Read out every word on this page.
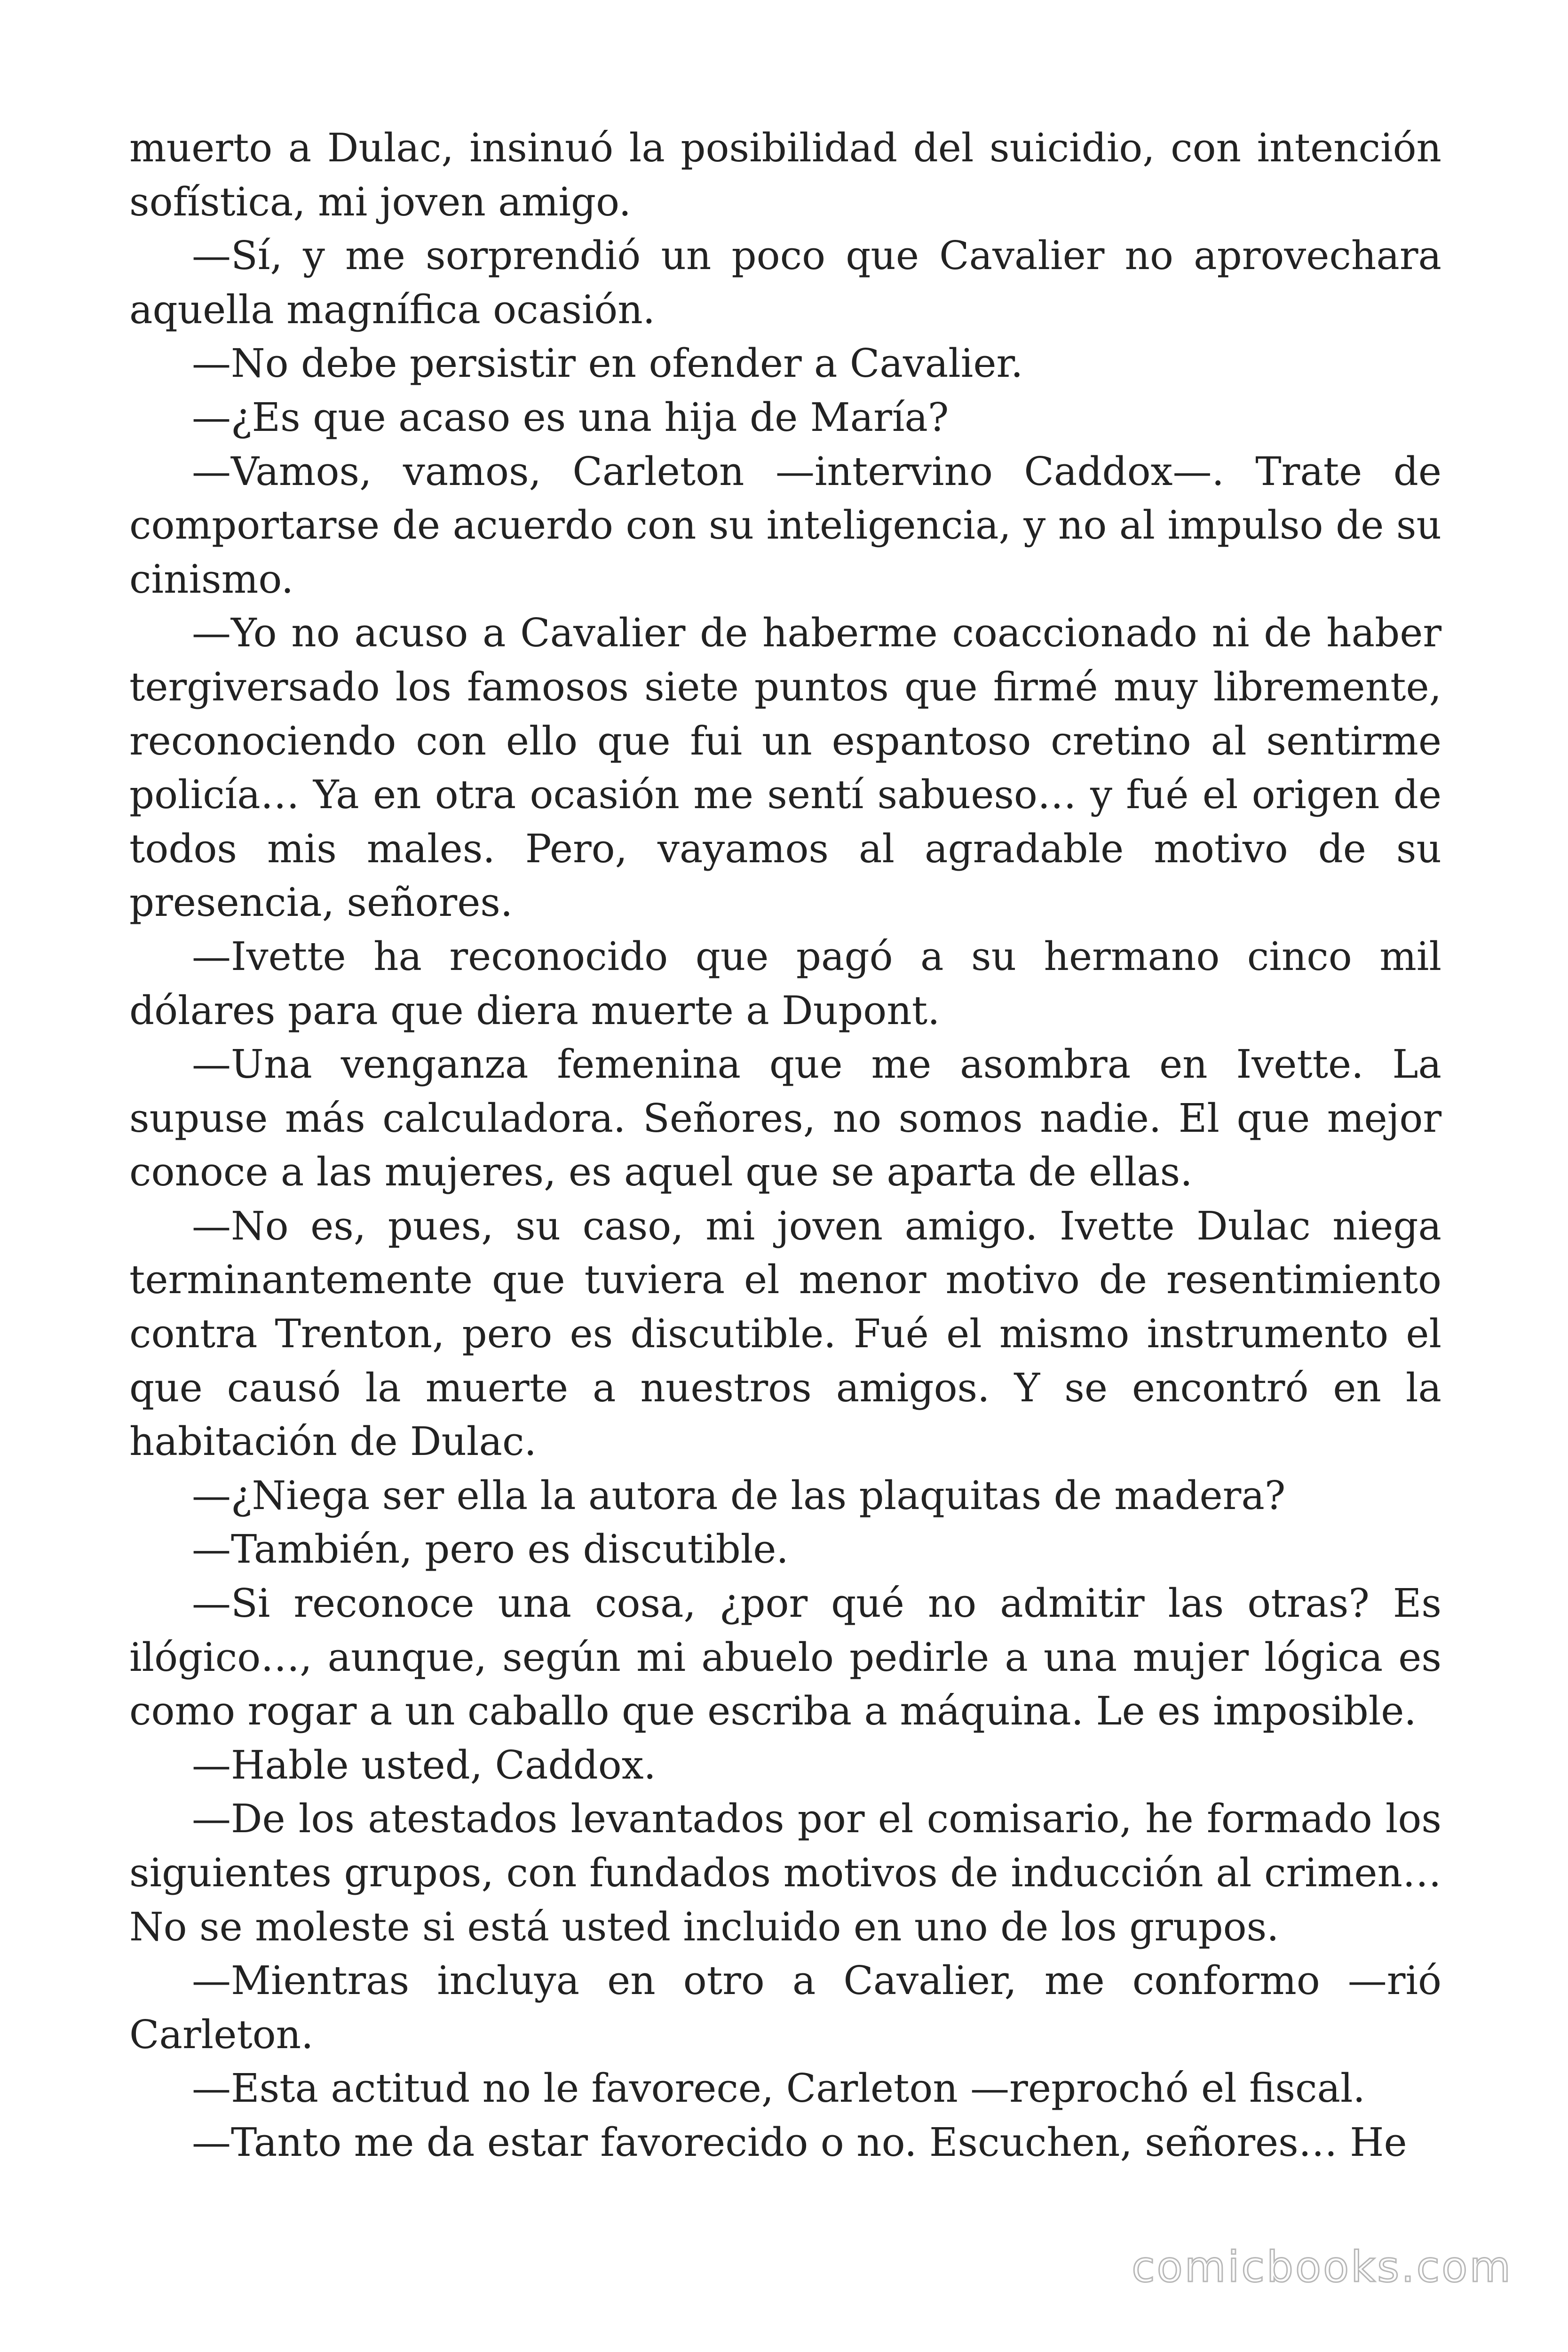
muerto a Dulac, insinuó la posibilidad del suicidio, con intención sofística, mi joven amigo.

—Sí, y me sorprendió un poco que Cavalier no aprovechara aquella magnífica ocasión.

—No debe persistir en ofender a Cavalier.

—¿Es que acaso es una hija de María?

—Vamos, vamos, Carleton —intervino Caddox—. Trate de comportarse de acuerdo con su inteligencia, y no al impulso de su cinismo.

—Yo no acuso a Cavalier de haberme coaccionado ni de haber tergiversado los famosos siete puntos que firmé muy libremente, reconociendo con ello que fui un espantoso cretino al sentirme policía… Ya en otra ocasión me sentí sabueso… y fué el origen de todos mis males. Pero, vayamos al agradable motivo de su presencia, señores.

—Ivette ha reconocido que pagó a su hermano cinco mil dólares para que diera muerte a Dupont.

—Una venganza femenina que me asombra en Ivette. La supuse más calculadora. Señores, no somos nadie. El que mejor conoce a las mujeres, es aquel que se aparta de ellas.

—No es, pues, su caso, mi joven amigo. Ivette Dulac niega terminantemente que tuviera el menor motivo de resentimiento contra Trenton, pero es discutible. Fué el mismo instrumento el que causó la muerte a nuestros amigos. Y se encontró en la habitación de Dulac.

—¿Niega ser ella la autora de las plaquitas de madera?

—También, pero es discutible.

—Si reconoce una cosa, ¿por qué no admitir las otras? Es ilógico…, aunque, según mi abuelo pedirle a una mujer lógica es como rogar a un caballo que escriba a máquina. Le es imposible.

—Hable usted, Caddox.

—De los atestados levantados por el comisario, he formado los siguientes grupos, con fundados motivos de inducción al crimen… No se moleste si está usted incluido en uno de los grupos.

—Mientras incluya en otro a Cavalier, me conformo —rió Carleton.

—Esta actitud no le favorece, Carleton —reprochó el fiscal.

—Tanto me da estar favorecido o no. Escuchen, señores… He

comicbooks.com
